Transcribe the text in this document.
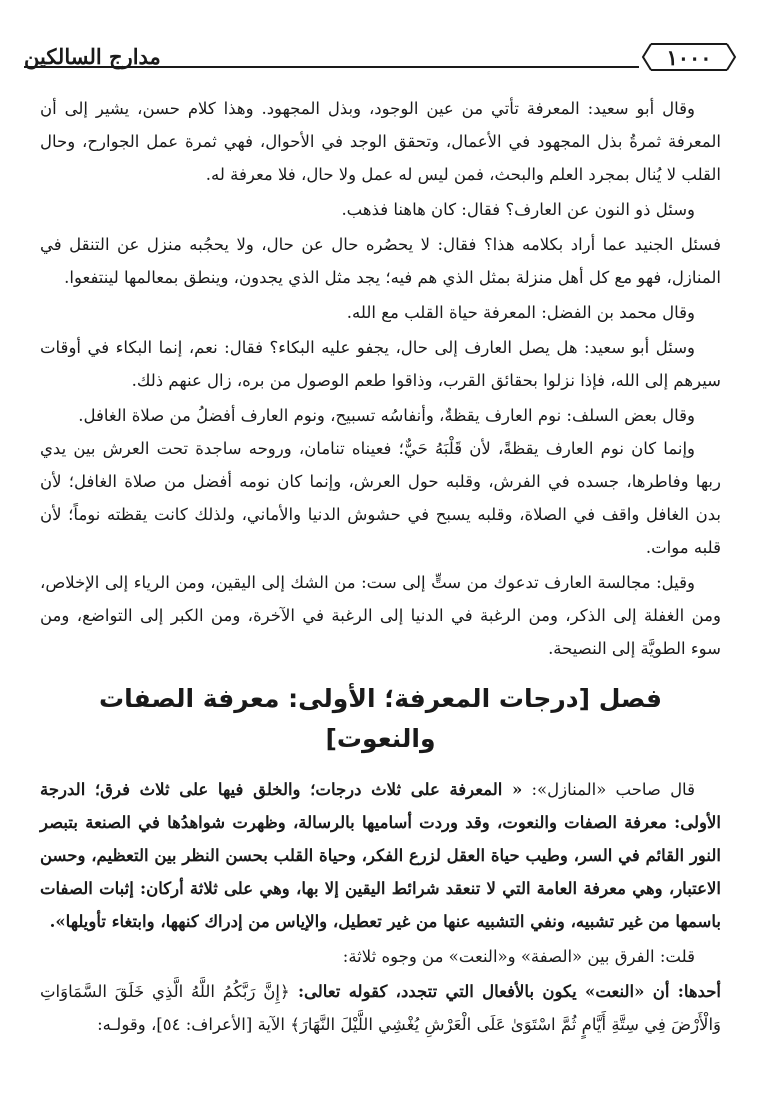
١٠٠٠
مدارج السالكين

وقال أبو سعيد: المعرفة تأتي من عين الوجود، وبذل المجهود. وهذا كلام حسن، يشير إلى أن المعرفة ثمرةُ بذل المجهود في الأعمال، وتحقق الوجد في الأحوال، فهي ثمرة عمل الجوارح، وحال القلب لا يُنال بمجرد العلم والبحث، فمن ليس له عمل ولا حال، فلا معرفة له.

وسئل ذو النون عن العارف؟ فقال: كان هاهنا فذهب.

فسئل الجنيد عما أراد بكلامه هذا؟ فقال: لا يحصُره حال عن حال، ولا يحجُبه منزل عن التنقل في المنازل، فهو مع كل أهل منزلة بمثل الذي هم فيه؛ يجد مثل الذي يجدون، وينطق بمعالمها لينتفعوا.

وقال محمد بن الفضل: المعرفة حياة القلب مع الله.

وسئل أبو سعيد: هل يصل العارف إلى حال، يجفو عليه البكاء؟ فقال: نعم، إنما البكاء في أوقات سيرهم إلى الله، فإذا نزلوا بحقائق القرب، وذاقوا طعم الوصول من بره، زال عنهم ذلك.

وقال بعض السلف: نوم العارف يقظةٌ، وأنفاسُه تسبيح، ونوم العارف أفضلُ من صلاة الغافل.

وإنما كان نوم العارف يقظةً، لأن قَلْبَهُ حَيٌّ؛ فعيناه تنامان، وروحه ساجدة تحت العرش بين يدي ربها وفاطرها، جسده في الفرش، وقلبه حول العرش، وإنما كان نومه أفضل من صلاة الغافل؛ لأن بدن الغافل واقف في الصلاة، وقلبه يسبح في حشوش الدنيا والأماني، ولذلك كانت يقظته نوماً؛ لأن قلبه موات.

وقيل: مجالسة العارف تدعوك من ستٍّ إلى ست: من الشك إلى اليقين، ومن الرياء إلى الإخلاص، ومن الغفلة إلى الذكر، ومن الرغبة في الدنيا إلى الرغبة في الآخرة، ومن الكبر إلى التواضع، ومن سوء الطويَّة إلى النصيحة.

فصل [درجات المعرفة؛ الأولى: معرفة الصفات والنعوت]

قال صاحب «المنازل»: « المعرفة على ثلاث درجات؛ والخلق فيها على ثلاث فرق؛ الدرجة الأولى: معرفة الصفات والنعوت، وقد وردت أساميها بالرسالة، وظهرت شواهدُها في الصنعة بتبصر النور القائم في السر، وطيب حياة العقل لزرع الفكر، وحياة القلب بحسن النظر بين التعظيم، وحسن الاعتبار، وهي معرفة العامة التي لا تنعقد شرائط اليقين إلا بها، وهي على ثلاثة أركان: إثبات الصفات باسمها من غير تشبيه، ونفي التشبيه عنها من غير تعطيل، والإياس من إدراك كنهها، وابتغاء تأويلها».

قلت: الفرق بين «الصفة» و«النعت» من وجوه ثلاثة:

أحدها: أن «النعت» يكون بالأفعال التي تتجدد، كقوله تعالى: ﴿إِنَّ رَبَّكُمُ اللَّهُ الَّذِي خَلَقَ السَّمَاوَاتِ وَالْأَرْضَ فِي سِتَّةِ أَيَّامٍ ثُمَّ اسْتَوَىٰ عَلَى الْعَرْشِ يُغْشِي اللَّيْلَ النَّهَارَ﴾ الآية [الأعراف: ٥٤]، وقولـه:
